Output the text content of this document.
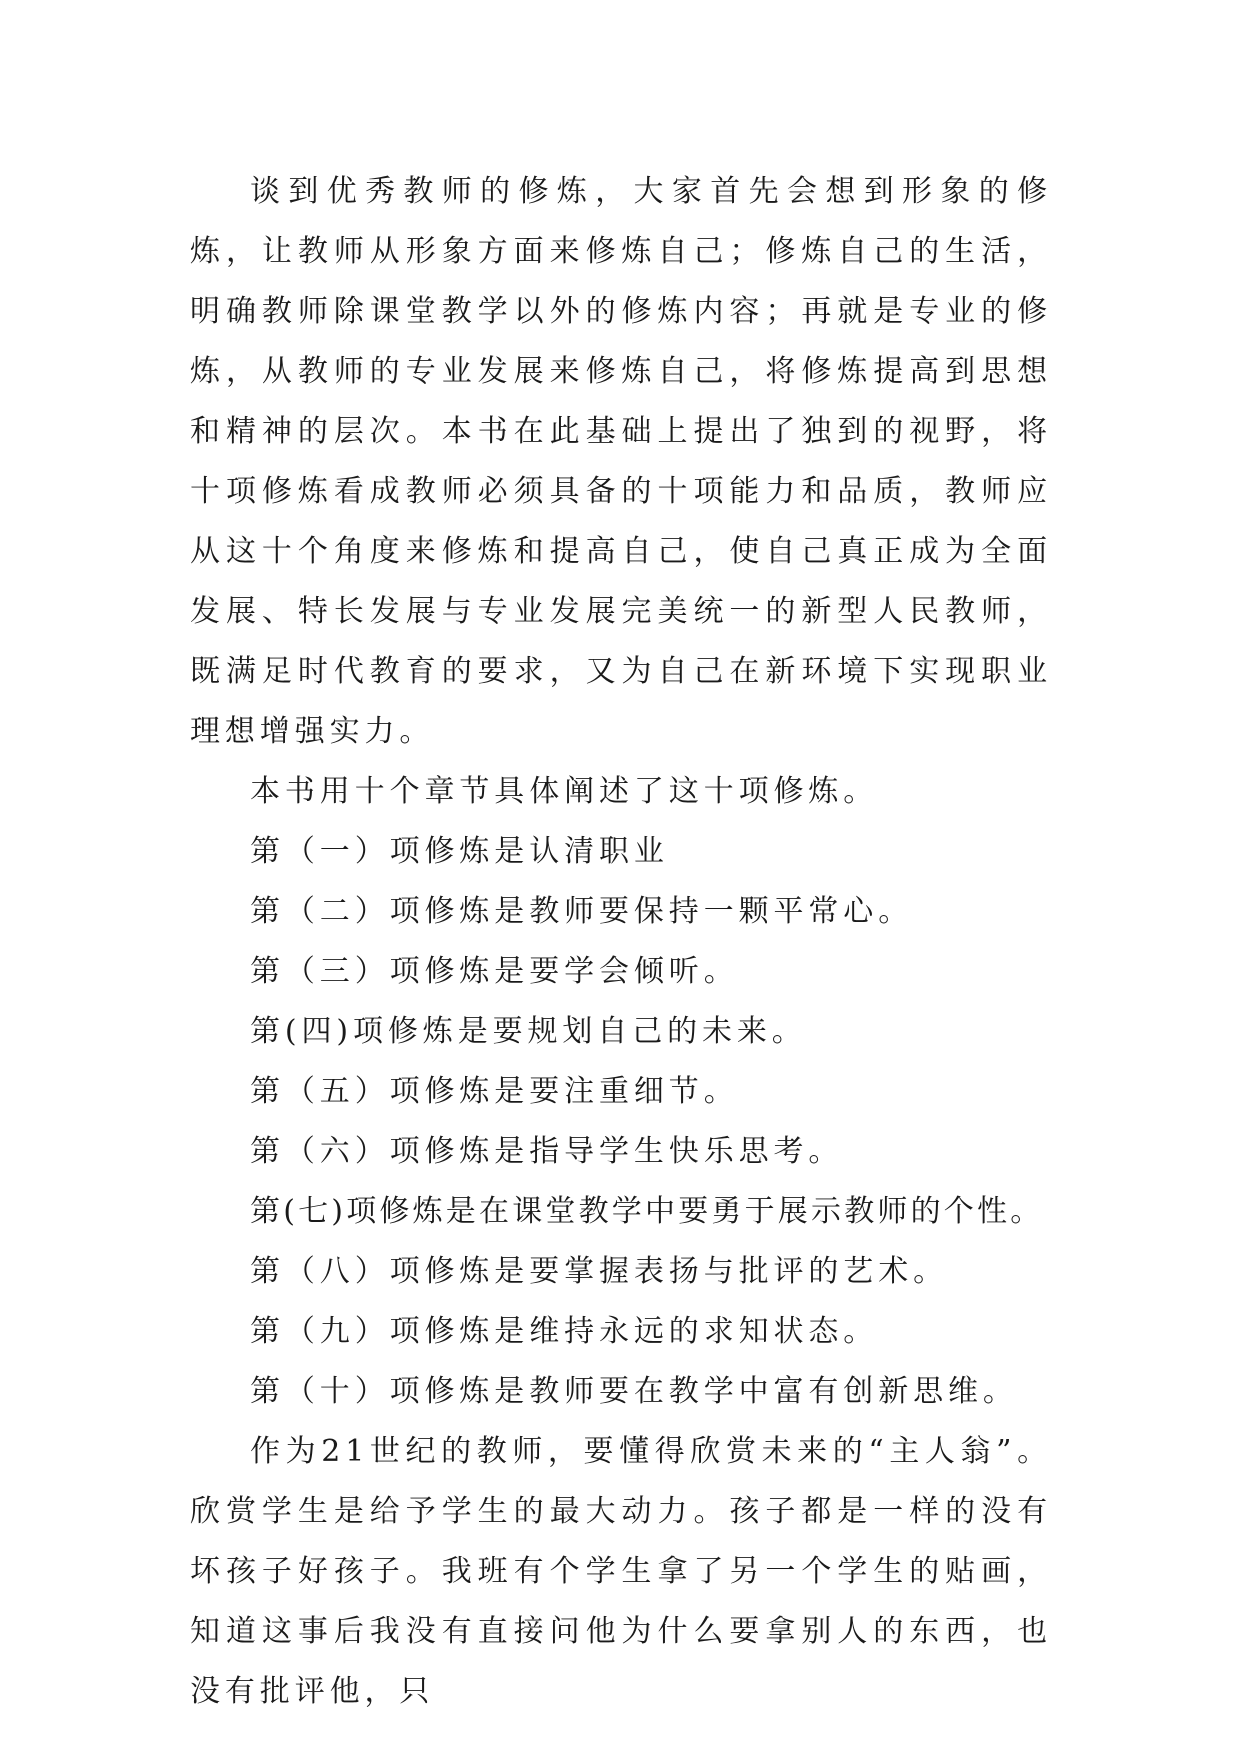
谈到优秀教师的修炼，大家首先会想到形象的修炼，让教师从形象方面来修炼自己；修炼自己的生活，明确教师除课堂教学以外的修炼内容；再就是专业的修炼，从教师的专业发展来修炼自己，将修炼提高到思想和精神的层次。本书在此基础上提出了独到的视野，将十项修炼看成教师必须具备的十项能力和品质，教师应从这十个角度来修炼和提高自己，使自己真正成为全面发展、特长发展与专业发展完美统一的新型人民教师，既满足时代教育的要求，又为自己在新环境下实现职业理想增强实力。

本书用十个章节具体阐述了这十项修炼。

第（一）项修炼是认清职业

第（二）项修炼是教师要保持一颗平常心。

第（三）项修炼是要学会倾听。

第(四)项修炼是要规划自己的未来。

第（五）项修炼是要注重细节。

第（六）项修炼是指导学生快乐思考。

第(七)项修炼是在课堂教学中要勇于展示教师的个性。

第（八）项修炼是要掌握表扬与批评的艺术。

第（九）项修炼是维持永远的求知状态。

第（十）项修炼是教师要在教学中富有创新思维。

作为21世纪的教师，要懂得欣赏未来的“主人翁”。欣赏学生是给予学生的最大动力。孩子都是一样的没有坏孩子好孩子。我班有个学生拿了另一个学生的贴画，知道这事后我没有直接问他为什么要拿别人的东西，也没有批评他，只
